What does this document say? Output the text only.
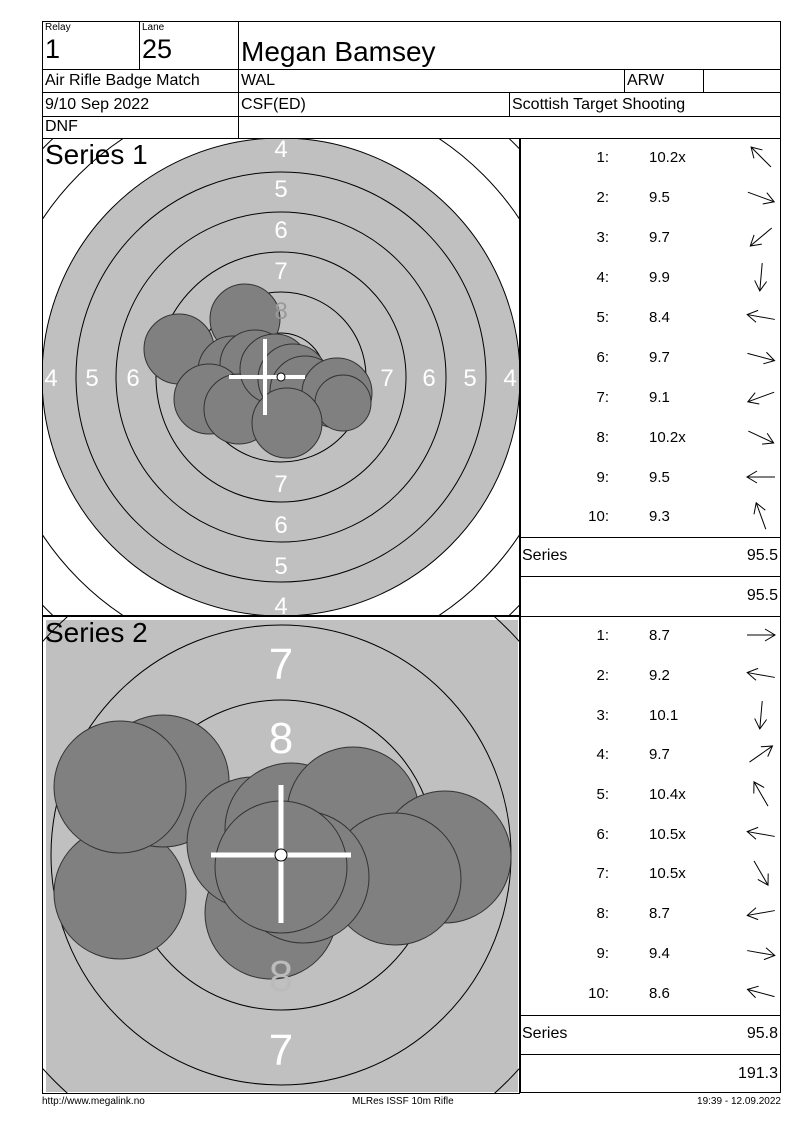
Relay
1
Lane
25 Megan Bamsey
Air Rifle Badge Match	WAL	ARW
9/10 Sep 2022	CSF(ED)	Scottish Target Shooting
DNF
4
5
6
7
8
7
6
5
4
4 5 6	7 6 5 4
Series 1	1:	10.2x
2:	9.5
3:	9.7
4:	9.9
5:	8.4
6:	9.7
7:	9.1
8:	10.2x
9:	9.5
10:	9.3
Series	95.5
95.5
7
8
8
7
Series 2	1:	8.7
2:	9.2
3:	10.1
4:	9.7
5:	10.4x
6:	10.5x
7:	10.5x
8:	8.7
9:	9.4
10:	8.6
Series	95.8
191.3
http://www.megalink.no	MLRes ISSF 10m Rifle	19:39 - 12.09.2022
